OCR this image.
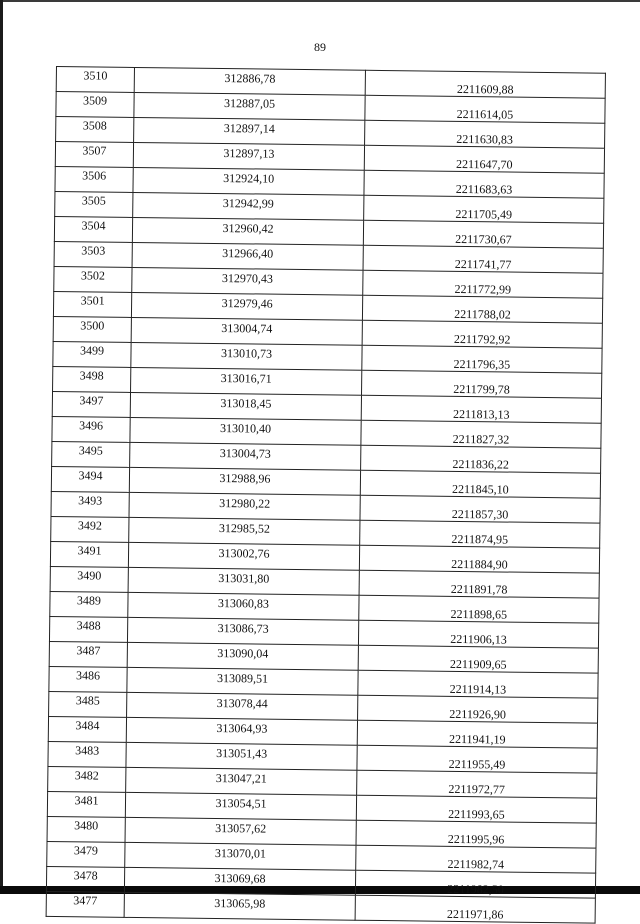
89
3510	312886,78	2211609,88
3509	312887,05	2211614,05
3508	312897,14	2211630,83
3507	312897,13	2211647,70
3506	312924,10	2211683,63
3505	312942,99	2211705,49
3504	312960,42	2211730,67
3503	312966,40	2211741,77
3502	312970,43	2211772,99
3501	312979,46	2211788,02
3500	313004,74	2211792,92
3499	313010,73	2211796,35
3498	313016,71	2211799,78
3497	313018,45	2211813,13
3496	313010,40	2211827,32
3495	313004,73	2211836,22
3494	312988,96	2211845,10
3493	312980,22	2211857,30
3492	312985,52	2211874,95
3491	313002,76	2211884,90
3490	313031,80	2211891,78
3489	313060,83	2211898,65
3488	313086,73	2211906,13
3487	313090,04	2211909,65
3486	313089,51	2211914,13
3485	313078,44	2211926,90
3484	313064,93	2211941,19
3483	313051,43	2211955,49
3482	313047,21	2211972,77
3481	313054,51	2211993,65
3480	313057,62	2211995,96
3479	313070,01	2211982,74
3478	313069,68	2211982,50
3477	313065,98	2211971,86
